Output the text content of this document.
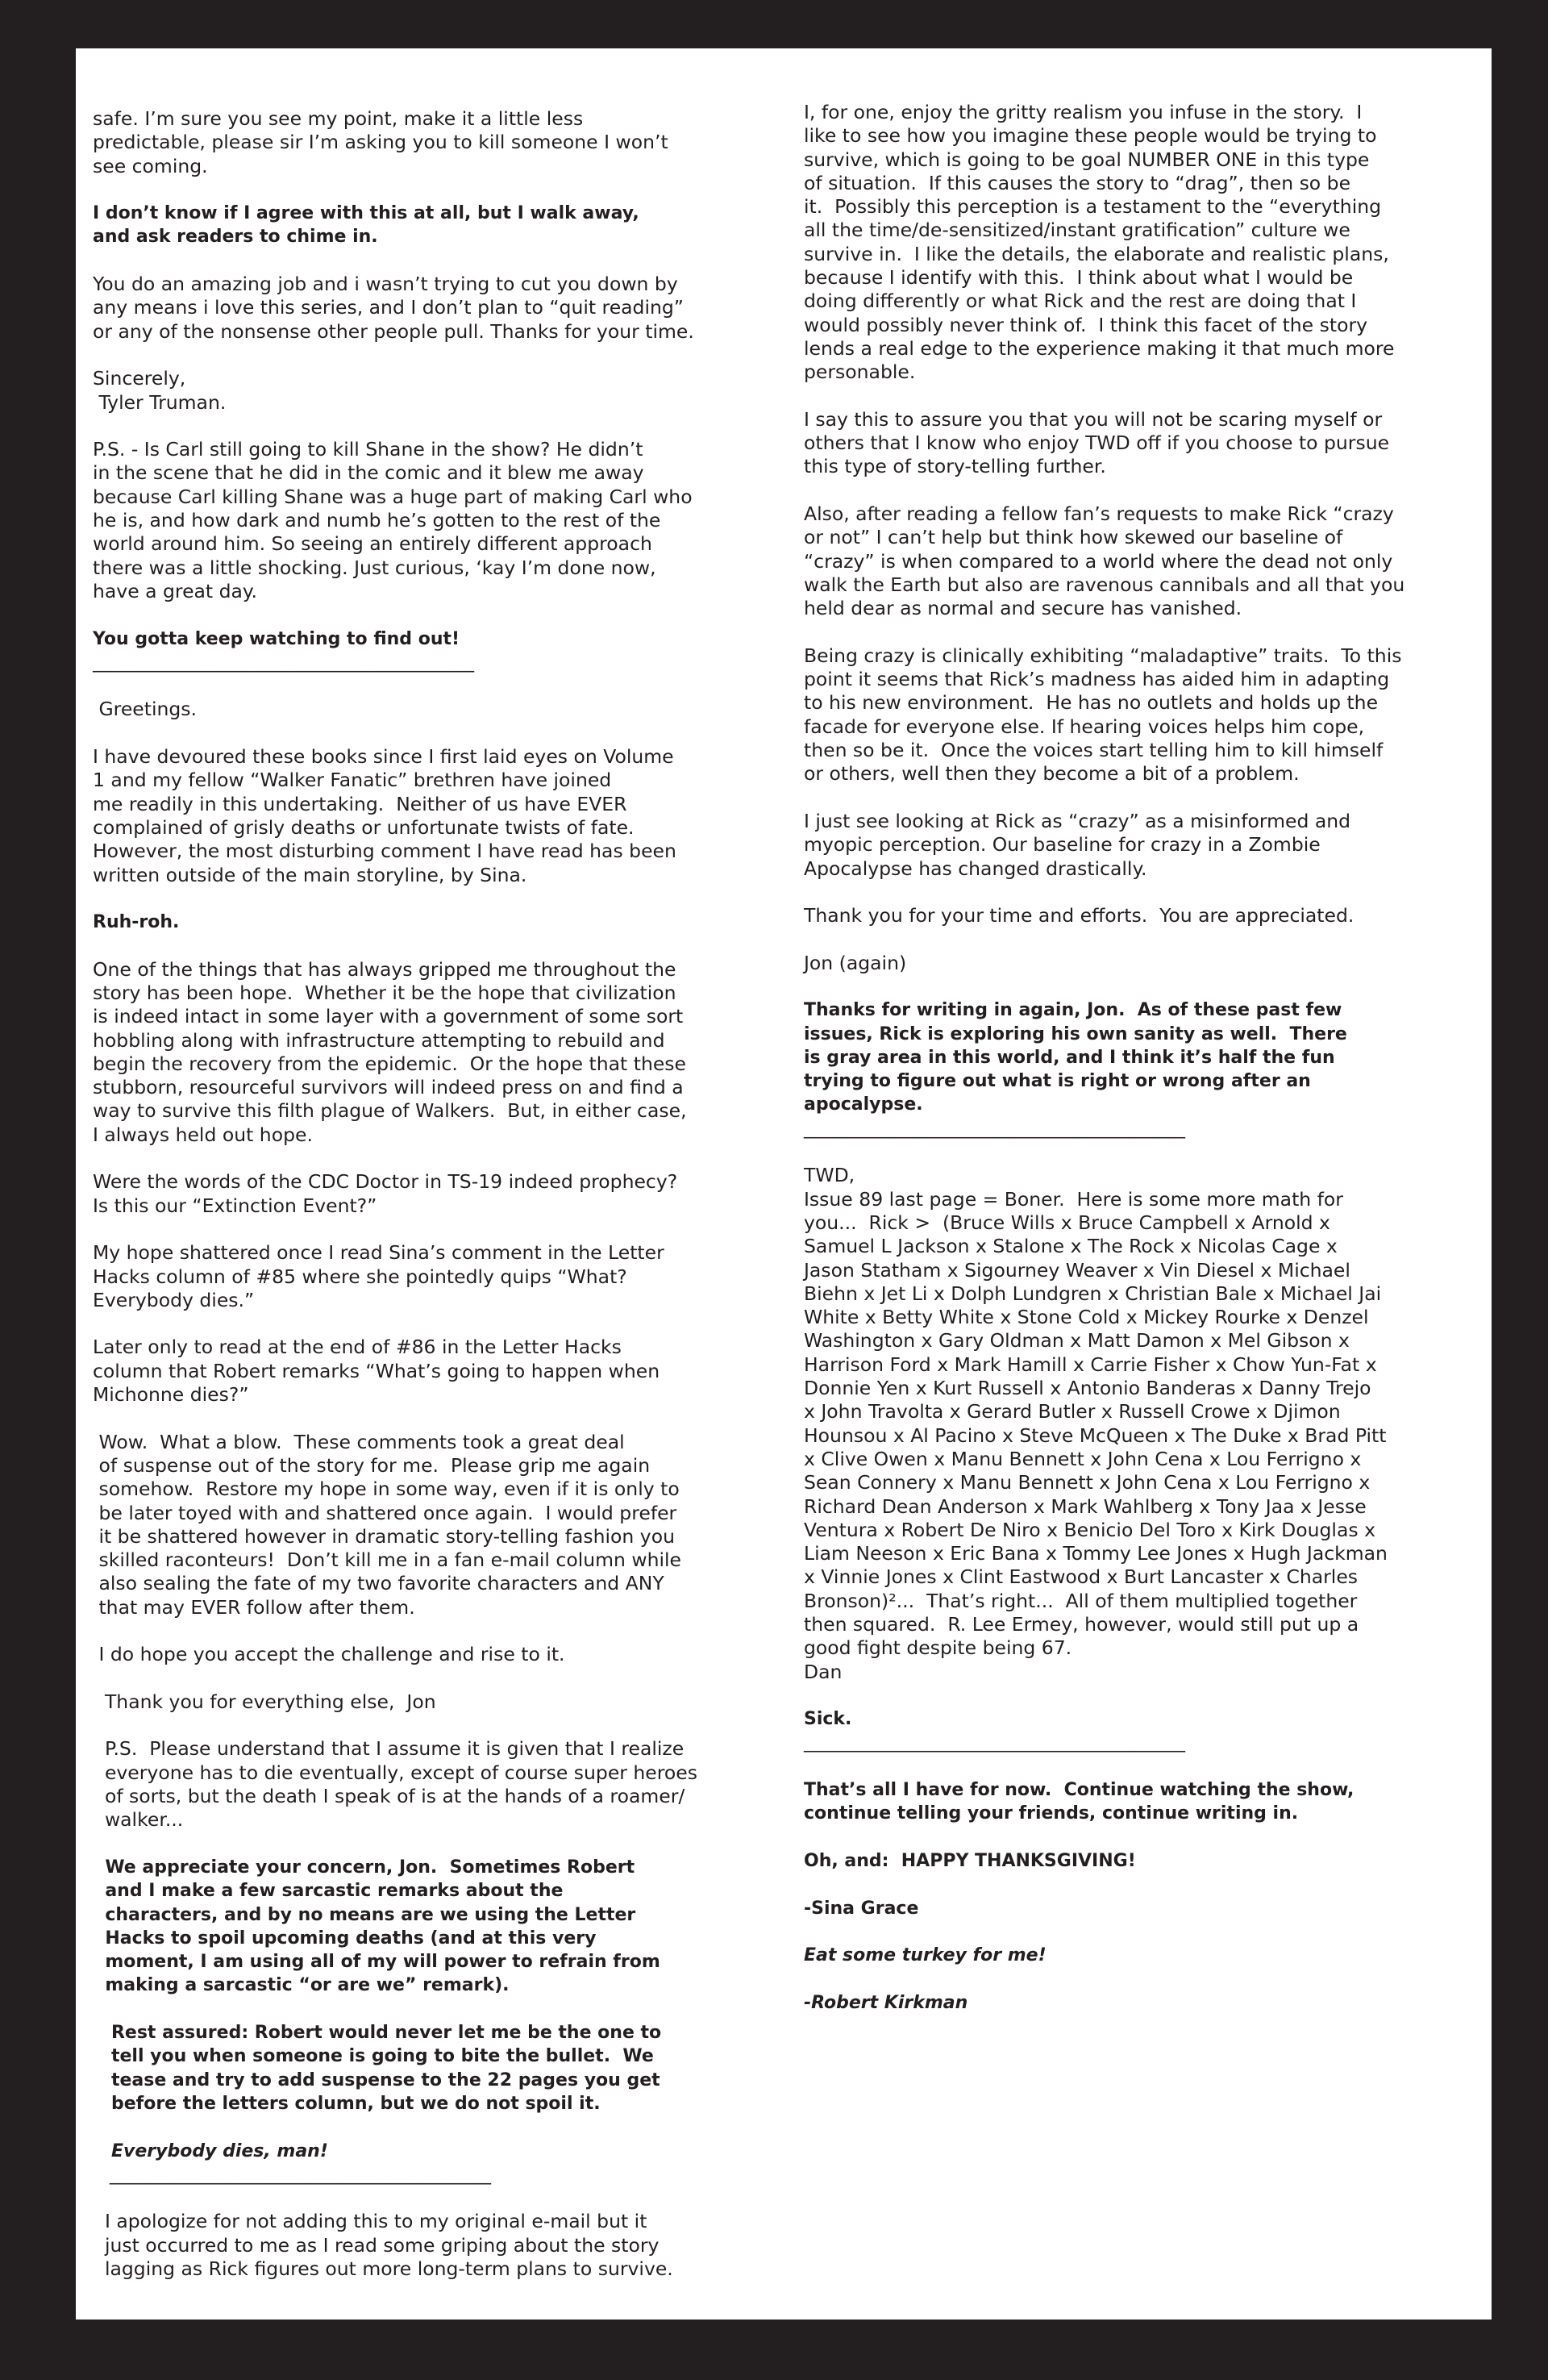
safe. I’m sure you see my point, make it a little less
predictable, please sir I’m asking you to kill someone I won’t
see coming.
I don’t know if I agree with this at all, but I walk away,
and ask readers to chime in.
You do an amazing job and i wasn’t trying to cut you down by
any means i love this series, and I don’t plan to “quit reading”
or any of the nonsense other people pull. Thanks for your time.
Sincerely,
Tyler Truman.
P.S. - Is Carl still going to kill Shane in the show? He didn’t
in the scene that he did in the comic and it blew me away
because Carl killing Shane was a huge part of making Carl who
he is, and how dark and numb he’s gotten to the rest of the
world around him. So seeing an entirely different approach
there was a little shocking. Just curious, ‘kay I’m done now,
have a great day.
You gotta keep watching to find out!
___________________________________________
Greetings.
I have devoured these books since I first laid eyes on Volume
1 and my fellow “Walker Fanatic” brethren have joined
me readily in this undertaking.  Neither of us have EVER
complained of grisly deaths or unfortunate twists of fate.
However, the most disturbing comment I have read has been
written outside of the main storyline, by Sina.
Ruh-roh.
One of the things that has always gripped me throughout the
story has been hope.  Whether it be the hope that civilization
is indeed intact in some layer with a government of some sort
hobbling along with infrastructure attempting to rebuild and
begin the recovery from the epidemic.  Or the hope that these
stubborn, resourceful survivors will indeed press on and find a
way to survive this filth plague of Walkers.  But, in either case,
I always held out hope.
Were the words of the CDC Doctor in TS-19 indeed prophecy?
Is this our “Extinction Event?”
My hope shattered once I read Sina’s comment in the Letter
Hacks column of #85 where she pointedly quips “What?
Everybody dies.”
Later only to read at the end of #86 in the Letter Hacks
column that Robert remarks “What’s going to happen when
Michonne dies?”
Wow.  What a blow.  These comments took a great deal
of suspense out of the story for me.  Please grip me again
somehow.  Restore my hope in some way, even if it is only to
be later toyed with and shattered once again.  I would prefer
it be shattered however in dramatic story-telling fashion you
skilled raconteurs!  Don’t kill me in a fan e-mail column while
also sealing the fate of my two favorite characters and ANY
that may EVER follow after them.
I do hope you accept the challenge and rise to it.
Thank you for everything else,  Jon
P.S.  Please understand that I assume it is given that I realize
everyone has to die eventually, except of course super heroes
of sorts, but the death I speak of is at the hands of a roamer/
walker...
We appreciate your concern, Jon.  Sometimes Robert
and I make a few sarcastic remarks about the
characters, and by no means are we using the Letter
Hacks to spoil upcoming deaths (and at this very
moment, I am using all of my will power to refrain from
making a sarcastic “or are we” remark).
Rest assured: Robert would never let me be the one to
tell you when someone is going to bite the bullet.  We
tease and try to add suspense to the 22 pages you get
before the letters column, but we do not spoil it.
Everybody dies, man!
___________________________________________
I apologize for not adding this to my original e-mail but it
just occurred to me as I read some griping about the story
lagging as Rick figures out more long-term plans to survive.
I, for one, enjoy the gritty realism you infuse in the story.  I
like to see how you imagine these people would be trying to
survive, which is going to be goal NUMBER ONE in this type
of situation.  If this causes the story to “drag”, then so be
it.  Possibly this perception is a testament to the “everything
all the time/de-sensitized/instant gratification” culture we
survive in.  I like the details, the elaborate and realistic plans,
because I identify with this.  I think about what I would be
doing differently or what Rick and the rest are doing that I
would possibly never think of.  I think this facet of the story
lends a real edge to the experience making it that much more
personable.
I say this to assure you that you will not be scaring myself or
others that I know who enjoy TWD off if you choose to pursue
this type of story-telling further.
Also, after reading a fellow fan’s requests to make Rick “crazy
or not” I can’t help but think how skewed our baseline of
“crazy” is when compared to a world where the dead not only
walk the Earth but also are ravenous cannibals and all that you
held dear as normal and secure has vanished.
Being crazy is clinically exhibiting “maladaptive” traits.  To this
point it seems that Rick’s madness has aided him in adapting
to his new environment.  He has no outlets and holds up the
facade for everyone else. If hearing voices helps him cope,
then so be it.  Once the voices start telling him to kill himself
or others, well then they become a bit of a problem.
I just see looking at Rick as “crazy” as a misinformed and
myopic perception. Our baseline for crazy in a Zombie
Apocalypse has changed drastically.
Thank you for your time and efforts.  You are appreciated.
Jon (again)
Thanks for writing in again, Jon.  As of these past few
issues, Rick is exploring his own sanity as well.  There
is gray area in this world, and I think it’s half the fun
trying to figure out what is right or wrong after an
apocalypse.
___________________________________________
TWD,
Issue 89 last page = Boner.  Here is some more math for
you...  Rick >  (Bruce Wills x Bruce Campbell x Arnold x
Samuel L Jackson x Stalone x The Rock x Nicolas Cage x
Jason Statham x Sigourney Weaver x Vin Diesel x Michael
Biehn x Jet Li x Dolph Lundgren x Christian Bale x Michael Jai
White x Betty White x Stone Cold x Mickey Rourke x Denzel
Washington x Gary Oldman x Matt Damon x Mel Gibson x
Harrison Ford x Mark Hamill x Carrie Fisher x Chow Yun-Fat x
Donnie Yen x Kurt Russell x Antonio Banderas x Danny Trejo
x John Travolta x Gerard Butler x Russell Crowe x Djimon
Hounsou x Al Pacino x Steve McQueen x The Duke x Brad Pitt
x Clive Owen x Manu Bennett x John Cena x Lou Ferrigno x
Sean Connery x Manu Bennett x John Cena x Lou Ferrigno x
Richard Dean Anderson x Mark Wahlberg x Tony Jaa x Jesse
Ventura x Robert De Niro x Benicio Del Toro x Kirk Douglas x
Liam Neeson x Eric Bana x Tommy Lee Jones x Hugh Jackman
x Vinnie Jones x Clint Eastwood x Burt Lancaster x Charles
Bronson)²...  That’s right...  All of them multiplied together
then squared.  R. Lee Ermey, however, would still put up a
good fight despite being 67.
Dan
Sick.
___________________________________________
That’s all I have for now.  Continue watching the show,
continue telling your friends, continue writing in.
Oh, and:  HAPPY THANKSGIVING!
-Sina Grace
Eat some turkey for me!
-Robert Kirkman
